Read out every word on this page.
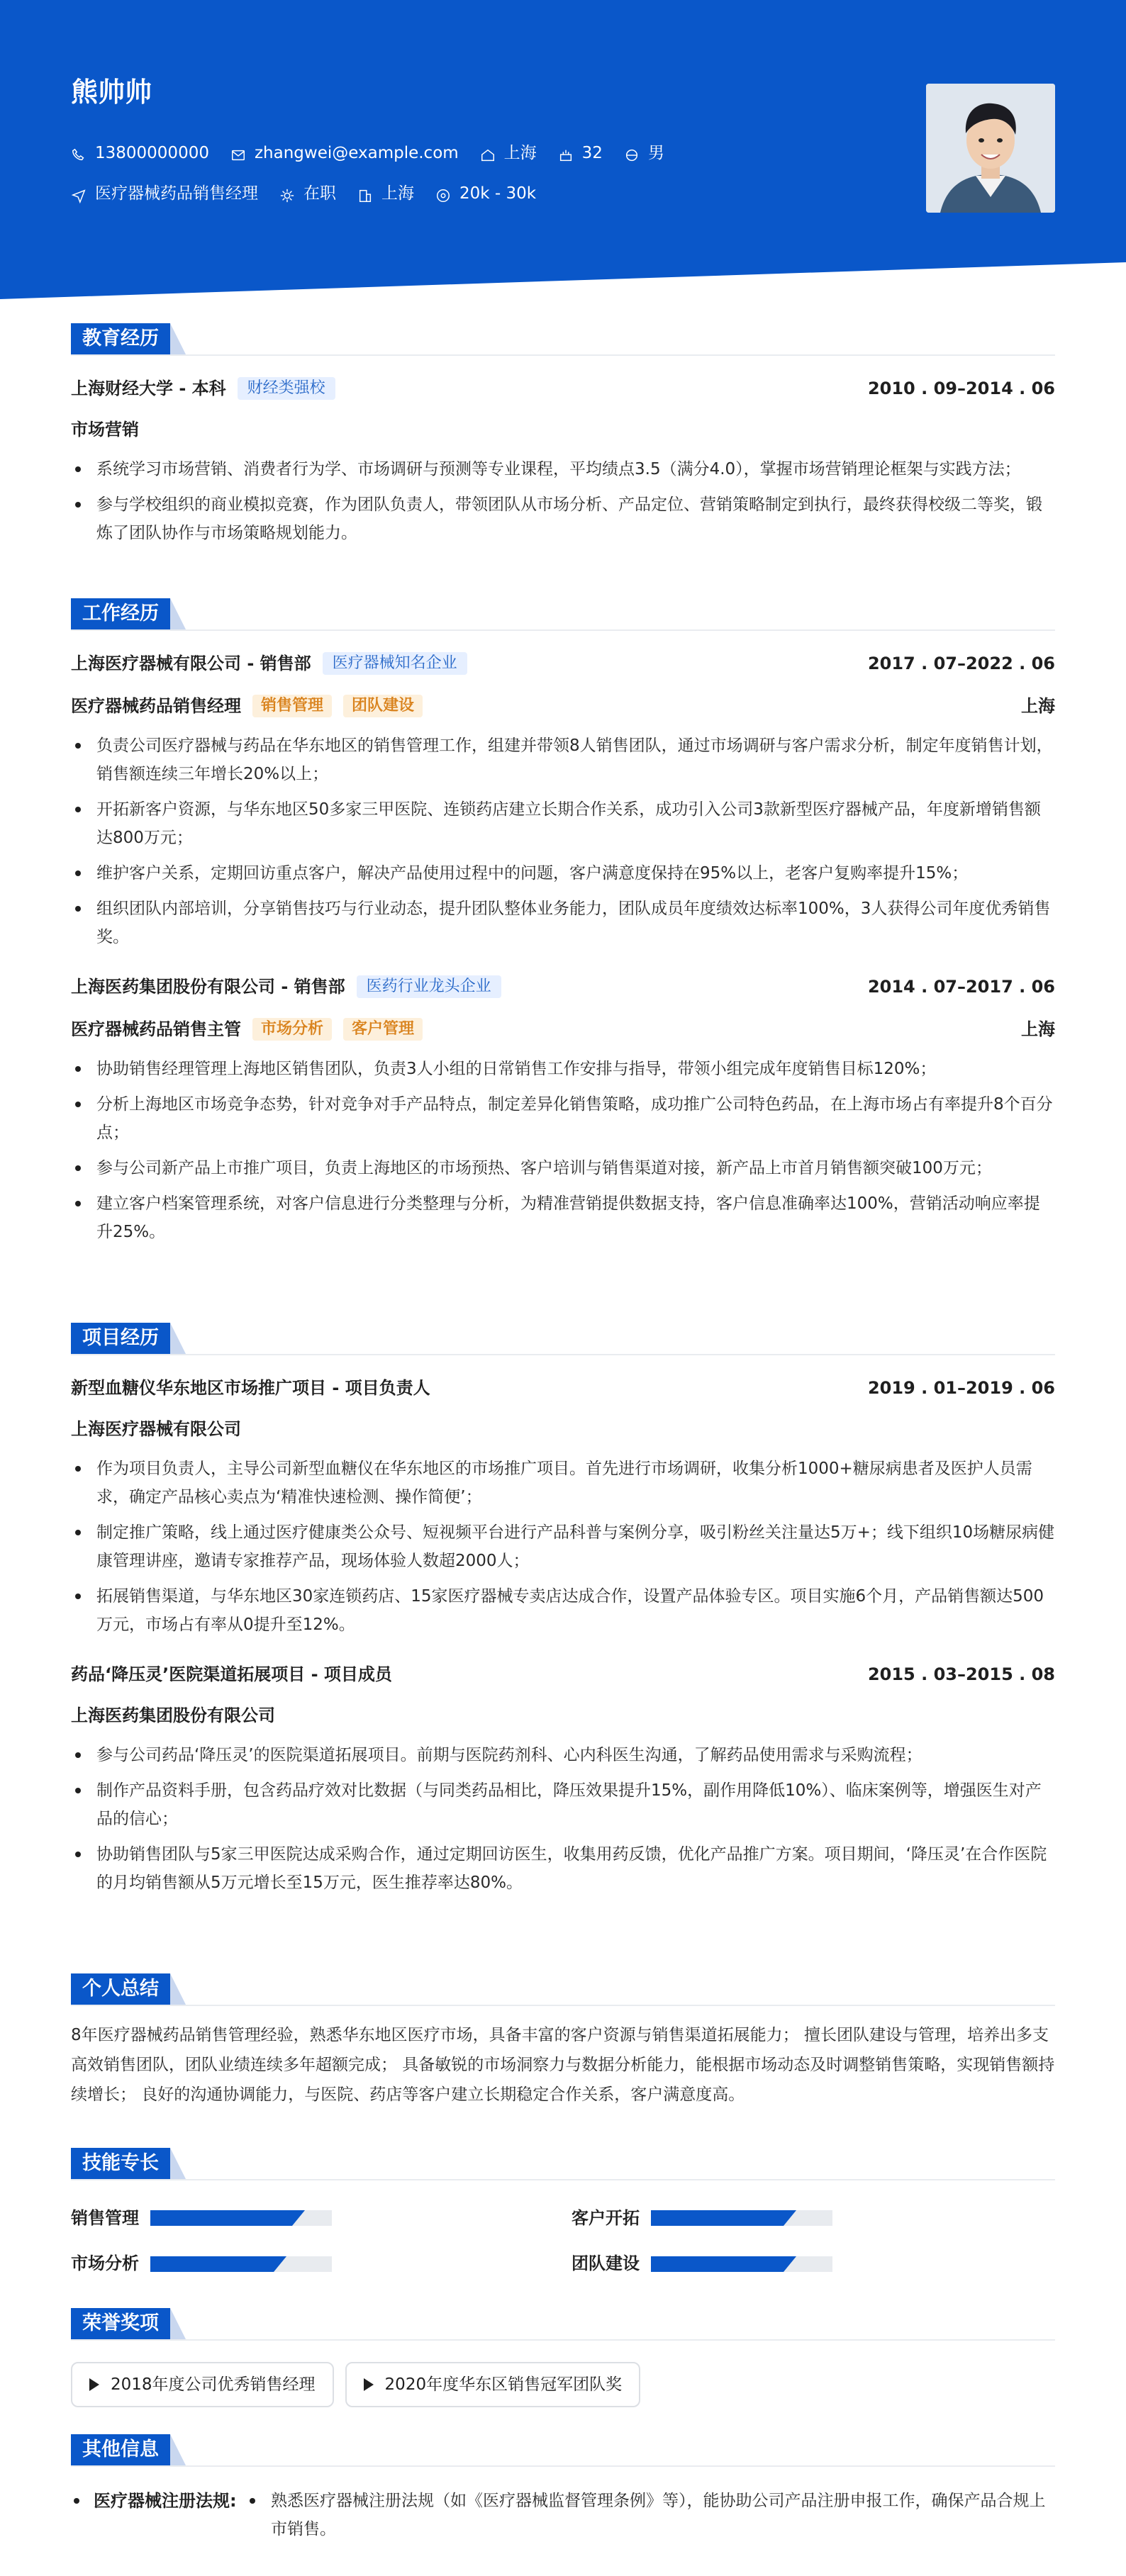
熊帅帅
13800000000	zhangwei@example.com	上海	32	男
医疗器械药品销售经理	在职	上海	20k - 30k
教育经历
上海财经大学 - 本科	财经类强校	2010 . 09–2014 . 06
市场营销
系统学习市场营销、消费者行为学、市场调研与预测等专业课程，平均绩点3.5（满分4.0），掌握市场营销理论框架与实践方法；
参与学校组织的商业模拟竞赛，作为团队负责人，带领团队从市场分析、产品定位、营销策略制定到执行，最终获得校级二等奖，锻炼了团队协作与市场策略规划能力。
工作经历
上海医疗器械有限公司 - 销售部	医疗器械知名企业	2017 . 07–2022 . 06
医疗器械药品销售经理	销售管理	团队建设	上海
负责公司医疗器械与药品在华东地区的销售管理工作，组建并带领8人销售团队，通过市场调研与客户需求分析，制定年度销售计划，销售额连续三年增长20%以上；
开拓新客户资源，与华东地区50多家三甲医院、连锁药店建立长期合作关系，成功引入公司3款新型医疗器械产品，年度新增销售额达800万元；
维护客户关系，定期回访重点客户，解决产品使用过程中的问题，客户满意度保持在95%以上，老客户复购率提升15%；
组织团队内部培训，分享销售技巧与行业动态，提升团队整体业务能力，团队成员年度绩效达标率100%，3人获得公司年度优秀销售奖。
上海医药集团股份有限公司 - 销售部	医药行业龙头企业	2014 . 07–2017 . 06
医疗器械药品销售主管	市场分析	客户管理	上海
协助销售经理管理上海地区销售团队，负责3人小组的日常销售工作安排与指导，带领小组完成年度销售目标120%；
分析上海地区市场竞争态势，针对竞争对手产品特点，制定差异化销售策略，成功推广公司特色药品，在上海市场占有率提升8个百分点；
参与公司新产品上市推广项目，负责上海地区的市场预热、客户培训与销售渠道对接，新产品上市首月销售额突破100万元；
建立客户档案管理系统，对客户信息进行分类整理与分析，为精准营销提供数据支持，客户信息准确率达100%，营销活动响应率提升25%。
项目经历
新型血糖仪华东地区市场推广项目 - 项目负责人	2019 . 01–2019 . 06
上海医疗器械有限公司
作为项目负责人，主导公司新型血糖仪在华东地区的市场推广项目。首先进行市场调研，收集分析1000+糖尿病患者及医护人员需求，确定产品核心卖点为‘精准快速检测、操作简便’；
制定推广策略，线上通过医疗健康类公众号、短视频平台进行产品科普与案例分享，吸引粉丝关注量达5万+；线下组织10场糖尿病健康管理讲座，邀请专家推荐产品，现场体验人数超2000人；
拓展销售渠道，与华东地区30家连锁药店、15家医疗器械专卖店达成合作，设置产品体验专区。项目实施6个月，产品销售额达500万元，市场占有率从0提升至12%。
药品‘降压灵’医院渠道拓展项目 - 项目成员	2015 . 03–2015 . 08
上海医药集团股份有限公司
参与公司药品‘降压灵’的医院渠道拓展项目。前期与医院药剂科、心内科医生沟通，了解药品使用需求与采购流程；
制作产品资料手册，包含药品疗效对比数据（与同类药品相比，降压效果提升15%，副作用降低10%）、临床案例等，增强医生对产品的信心；
协助销售团队与5家三甲医院达成采购合作，通过定期回访医生，收集用药反馈，优化产品推广方案。项目期间，‘降压灵’在合作医院的月均销售额从5万元增长至15万元，医生推荐率达80%。
个人总结
8年医疗器械药品销售管理经验，熟悉华东地区医疗市场，具备丰富的客户资源与销售渠道拓展能力； 擅长团队建设与管理，培养出多支高效销售团队，团队业绩连续多年超额完成； 具备敏锐的市场洞察力与数据分析能力，能根据市场动态及时调整销售策略，实现销售额持续增长； 良好的沟通协调能力，与医院、药店等客户建立长期稳定合作关系，客户满意度高。
技能专长
销售管理	客户开拓
市场分析	团队建设
荣誉奖项
2018年度公司优秀销售经理	2020年度华东区销售冠军团队奖
其他信息
医疗器械注册法规:	熟悉医疗器械注册法规（如《医疗器械监督管理条例》等），能协助公司产品注册申报工作，确保产品合规上市销售。
